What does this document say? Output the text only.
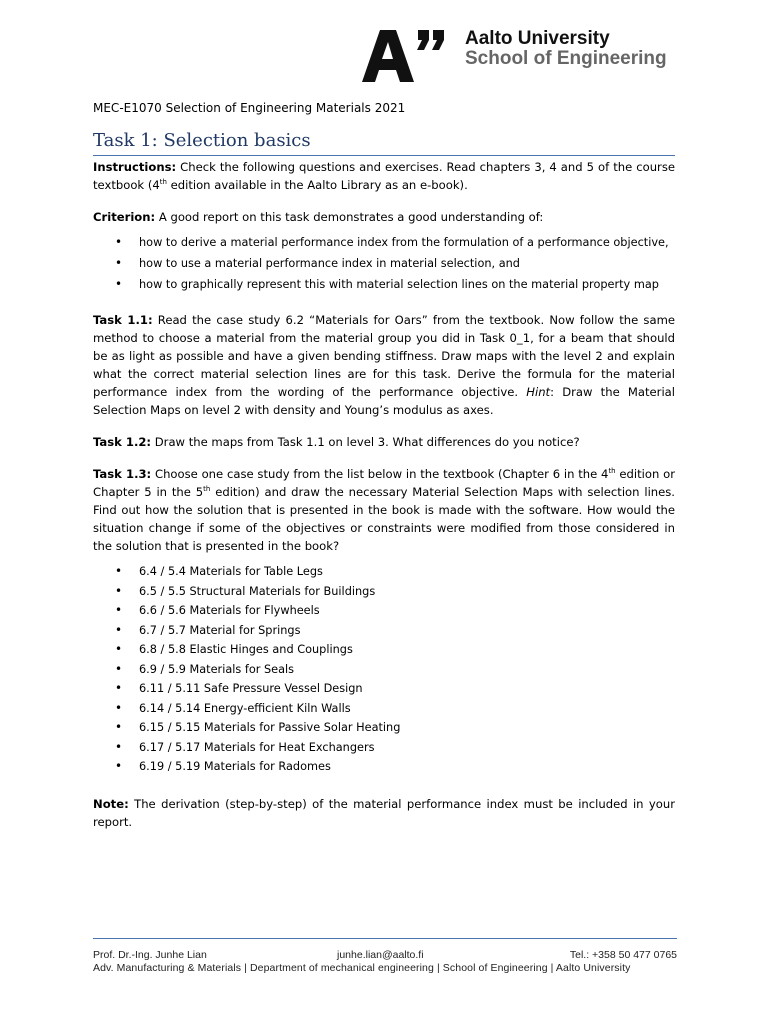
Aalto University
School of Engineering

MEC-E1070 Selection of Engineering Materials 2021

Task 1: Selection basics

Instructions: Check the following questions and exercises. Read chapters 3, 4 and 5 of the course textbook (4th edition available in the Aalto Library as an e-book).

Criterion: A good report on this task demonstrates a good understanding of:

• how to derive a material performance index from the formulation of a performance objective,
• how to use a material performance index in material selection, and
• how to graphically represent this with material selection lines on the material property map

Task 1.1: Read the case study 6.2 “Materials for Oars” from the textbook. Now follow the same method to choose a material from the material group you did in Task 0_1, for a beam that should be as light as possible and have a given bending stiffness. Draw maps with the level 2 and explain what the correct material selection lines are for this task. Derive the formula for the material performance index from the wording of the performance objective. Hint: Draw the Material Selection Maps on level 2 with density and Young’s modulus as axes.

Task 1.2: Draw the maps from Task 1.1 on level 3. What differences do you notice?

Task 1.3: Choose one case study from the list below in the textbook (Chapter 6 in the 4th edition or Chapter 5 in the 5th edition) and draw the necessary Material Selection Maps with selection lines. Find out how the solution that is presented in the book is made with the software. How would the situation change if some of the objectives or constraints were modified from those considered in the solution that is presented in the book?

• 6.4 / 5.4 Materials for Table Legs
• 6.5 / 5.5 Structural Materials for Buildings
• 6.6 / 5.6 Materials for Flywheels
• 6.7 / 5.7 Material for Springs
• 6.8 / 5.8 Elastic Hinges and Couplings
• 6.9 / 5.9 Materials for Seals
• 6.11 / 5.11 Safe Pressure Vessel Design
• 6.14 / 5.14 Energy-efficient Kiln Walls
• 6.15 / 5.15 Materials for Passive Solar Heating
• 6.17 / 5.17 Materials for Heat Exchangers
• 6.19 / 5.19 Materials for Radomes

Note: The derivation (step-by-step) of the material performance index must be included in your report.

Prof. Dr.-Ing. Junhe Lian	junhe.lian@aalto.fi	Tel.: +358 50 477 0765
Adv. Manufacturing & Materials | Department of mechanical engineering | School of Engineering | Aalto University
